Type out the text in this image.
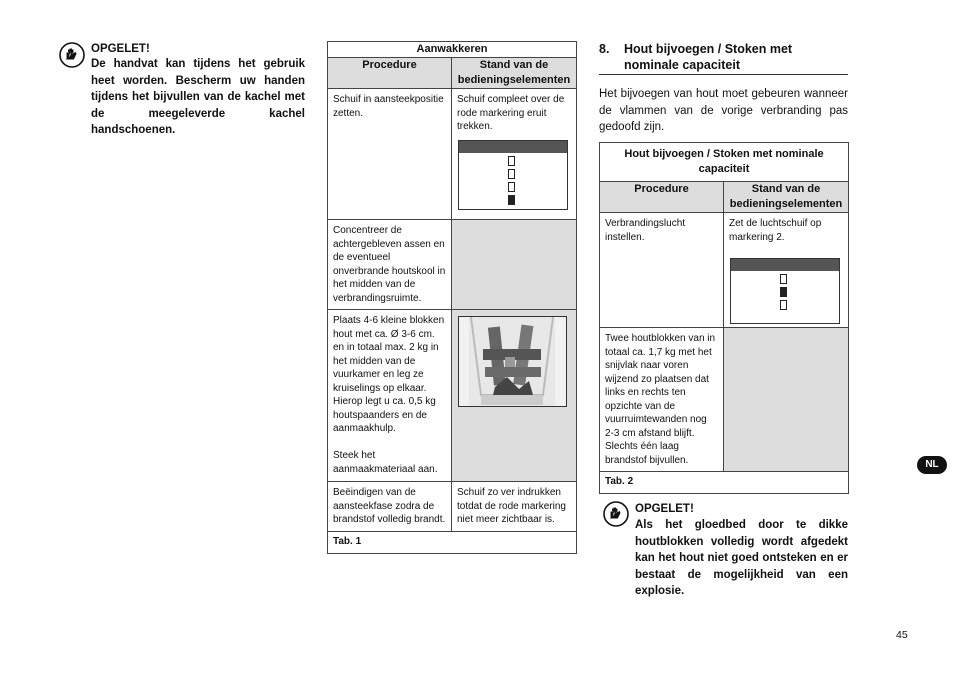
OPGELET!
De handvat kan tijdens het gebruik heet worden. Bescherm uw handen tijdens het bijvullen van de kachel met de meegeleverde kachel handschoenen.
Aanwakkeren	
Procedure	Stand van de bedieningselementen

Schuif in aansteekpositie zetten.	Schuif compleet over de rode markering eruit trekken.

Concentreer de achtergebleven assen en de eventueel onverbrande houtskool in het midden van de verbrandingsruimte.	

Plaats 4-6 kleine blokken hout met ca. Ø 3-6 cm. en in totaal max. 2 kg in het midden van de vuurkamer en leg ze kruiselings op elkaar. Hierop legt u ca. 0,5 kg houtspaanders en de aanmaakhulp.

Steek het aanmaakmateriaal aan.

Beëindigen van de aansteekfase zodra de brandstof volledig brandt.	Schuif zo ver indrukken totdat de rode markering niet meer zichtbaar is.

Tab. 1	
8. Hout bijvoegen / Stoken met nominale capaciteit
Het bijvoegen van hout moet gebeuren wanneer de vlammen van de vorige verbranding pas gedoofd zijn.
Hout bijvoegen / Stoken met nominale capaciteit	
Procedure	Stand van de bedieningselementen

Verbrandingslucht instellen.	Zet de luchtschuif op markering 2.

Twee houtblokken van in totaal ca. 1,7 kg met het snijvlak naar voren wijzend zo plaatsen dat links en rechts ten opzichte van de vuurruimtewanden nog 2-3 cm afstand blijft. Slechts één laag brandstof bijvullen.	

Tab. 2	
OPGELET!
Als het gloedbed door te dikke houtblokken volledig wordt afgedekt kan het hout niet goed ontsteken en er bestaat de mogelijkheid van een explosie.
NL
45
